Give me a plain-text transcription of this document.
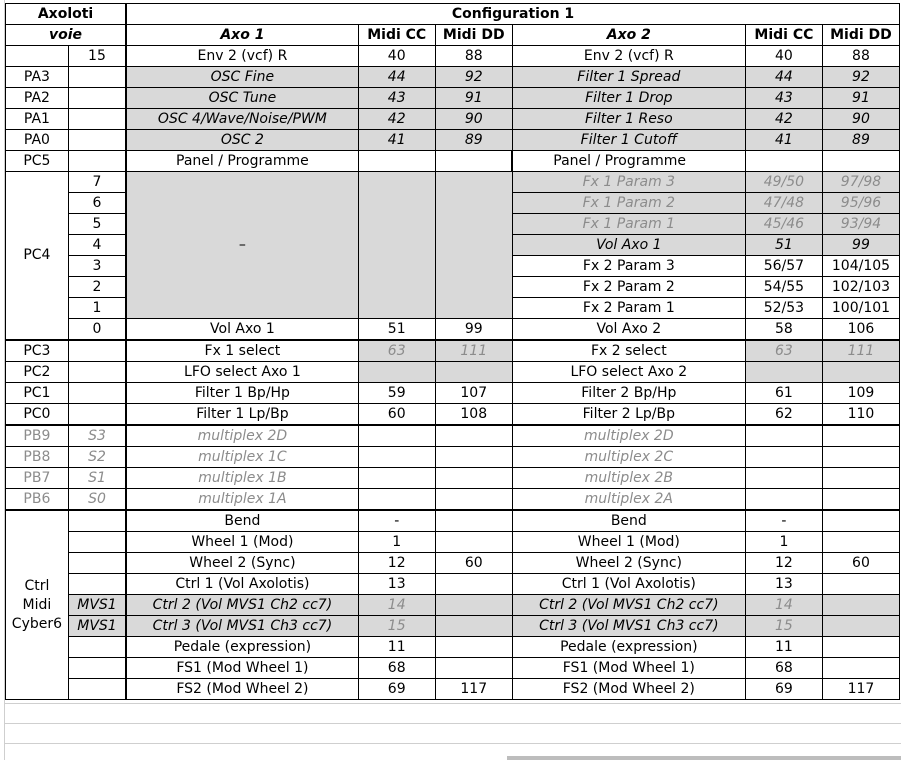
Axoloti		Configuration 1					
voie		Axo 1	Midi CC	Midi DD	Axo 2	Midi CC	Midi DD
	15	Env 2 (vcf) R	40	88	Env 2 (vcf) R	40	88
PA3		OSC Fine	44	92	Filter 1 Spread	44	92
PA2		OSC Tune	43	91	Filter 1 Drop	43	91
PA1		OSC 4/Wave/Noise/PWM	42	90	Filter 1 Reso	42	90
PA0		OSC 2	41	89	Filter 1 Cutoff	41	89
PC5		Panel / Programme			Panel / Programme		
PC4	7	–			Fx 1 Param 3	49/50	97/98
	6				Fx 1 Param 2	47/48	95/96
	5				Fx 1 Param 1	45/46	93/94
	4				Vol Axo 1	51	99
	3				Fx 2 Param 3	56/57	104/105
	2				Fx 2 Param 2	54/55	102/103
	1				Fx 2 Param 1	52/53	100/101
	0	Vol Axo 1	51	99	Vol Axo 2	58	106
PC3		Fx 1 select	63	111	Fx 2 select	63	111
PC2		LFO select Axo 1			LFO select Axo 2		
PC1		Filter 1 Bp/Hp	59	107	Filter 2 Bp/Hp	61	109
PC0		Filter 1 Lp/Bp	60	108	Filter 2 Lp/Bp	62	110
PB9	S3	multiplex 2D			multiplex 2D		
PB8	S2	multiplex 1C			multiplex 2C		
PB7	S1	multiplex 1B			multiplex 2B		
PB6	S0	multiplex 1A			multiplex 2A		

Ctrl
Midi
Cyber6		Bend	-		Bend	-	
		Wheel 1 (Mod)	1		Wheel 1 (Mod)	1	
		Wheel 2 (Sync)	12	60	Wheel 2 (Sync)	12	60
		Ctrl 1 (Vol Axolotis)	13		Ctrl 1 (Vol Axolotis)	13	
	MVS1	Ctrl 2 (Vol MVS1 Ch2 cc7)	14		Ctrl 2 (Vol MVS1 Ch2 cc7)	14	
	MVS1	Ctrl 3 (Vol MVS1 Ch3 cc7)	15		Ctrl 3 (Vol MVS1 Ch3 cc7)	15	
		Pedale (expression)	11		Pedale (expression)	11	
		FS1 (Mod Wheel 1)	68		FS1 (Mod Wheel 1)	68	
		FS2 (Mod Wheel 2)	69	117	FS2 (Mod Wheel 2)	69	117
